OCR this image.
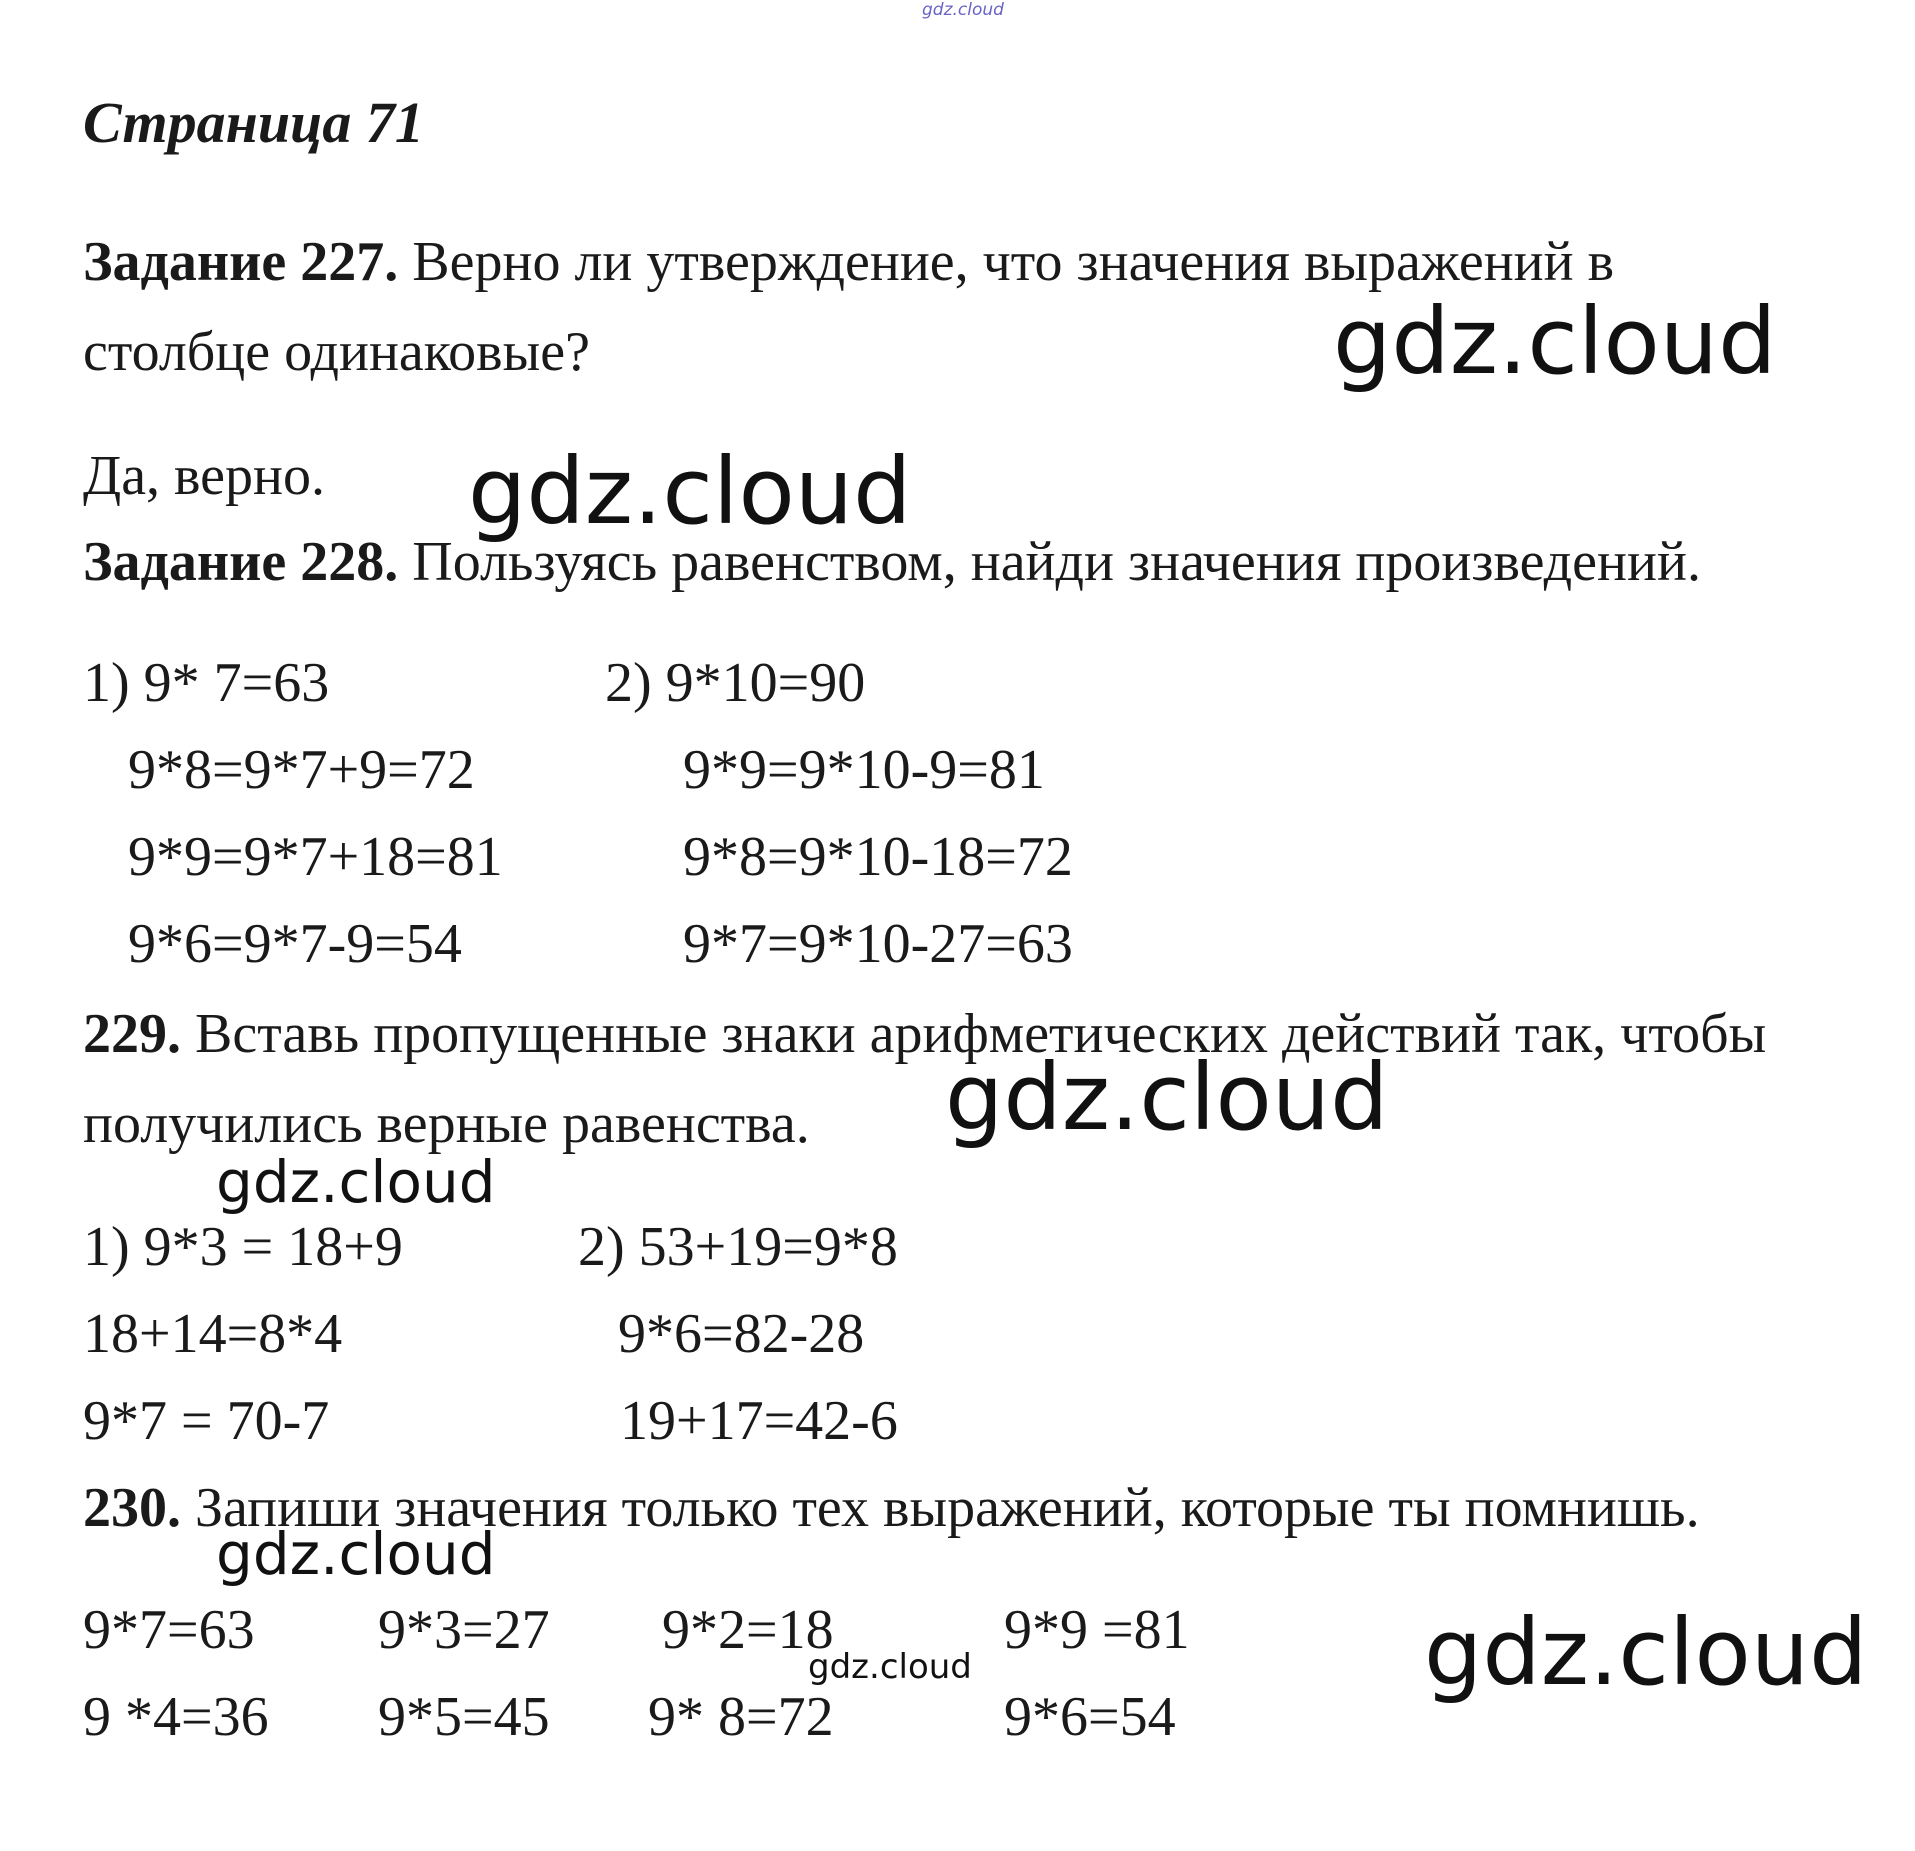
gdz.cloud
Страница 71
Задание 227. Верно ли утверждение, что значения выражений в
столбце одинаковые?
Да, верно.
Задание 228. Пользуясь равенством, найди значения произведений.
1) 9* 7=63
9*8=9*7+9=72
9*9=9*7+18=81
9*6=9*7-9=54
2) 9*10=90
9*9=9*10-9=81
9*8=9*10-18=72
9*7=9*10-27=63
229. Вставь пропущенные знаки арифметических действий так, чтобы
получились верные равенства.
1) 9*3 = 18+9
18+14=8*4
9*7 = 70-7
2) 53+19=9*8
9*6=82-28
19+17=42-6
230. Запиши значения только тех выражений, которые ты помнишь.
9*7=63 9*3=27 9*2=18	9*9 =81
9 *4=36 9*5=45 9* 8=72	9*6=54
gdz.cloud
gdz.cloud
gdz.cloud
gdz.cloud
gdz.cloud
gdz.cloud	gdz.cloud
